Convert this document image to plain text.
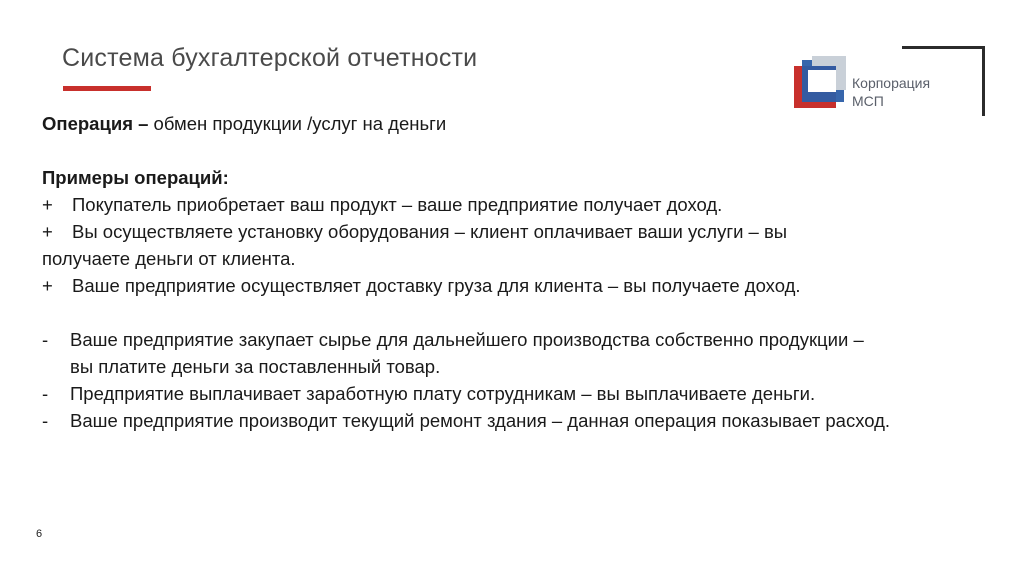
Система бухгалтерской отчетности
Корпорация
МСП

Операция – обмен продукции /услуг на деньги

Примеры операций:

+	Покупатель приобретает ваш продукт – ваше предприятие получает доход.
+	Вы осуществляете установку оборудования – клиент оплачивает ваши услуги – вы

получаете деньги от клиента.

+	Ваше предприятие осуществляет доставку груза для клиента – вы получаете доход.
-	Ваше предприятие закупает сырье для дальнейшего производства собственно продукции – вы платите деньги за поставленный товар.
-	Предприятие выплачивает заработную плату сотрудникам – вы выплачиваете деньги.
-	Ваше предприятие производит текущий ремонт здания – данная операция показывает расход.
6
